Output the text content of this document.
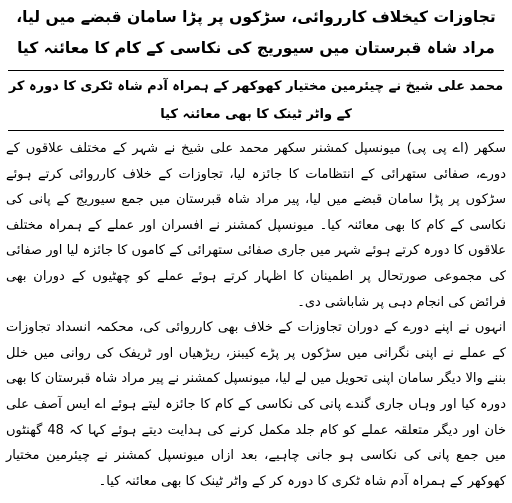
تجاوزات کیخلاف کارروائی، سڑکوں پر پڑا سامان قبضے میں لیا، مراد شاہ قبرستان میں سیوریج کی نکاسی کے کام کا معائنہ کیا
محمد علی شیخ نے چیئرمین مختیار کھوکھر کے ہمراہ آدم شاہ ٹکری کا دورہ کر کے واٹر ٹینک کا بھی معائنہ کیا

سکھر (اے پی پی) میونسپل کمشنر سکھر محمد علی شیخ نے شہر کے مختلف علاقوں کے دورے، صفائی ستھرائی کے انتظامات کا جائزہ لیا، تجاوزات کے خلاف کارروائی کرتے ہوئے سڑکوں پر پڑا سامان قبضے میں لیا، پیر مراد شاہ قبرستان میں جمع سیوریج کے پانی کی نکاسی کے کام کا بھی معائنہ کیا۔ میونسپل کمشنر نے افسران اور عملے کے ہمراہ مختلف علاقوں کا دورہ کرتے ہوئے شہر میں جاری صفائی ستھرائی کے کاموں کا جائزہ لیا اور صفائی کی مجموعی صورتحال پر اطمینان کا اظہار کرتے ہوئے عملے کو چھٹیوں کے دوران بھی فرائض کی انجام دہی پر شاباشی دی۔

انہوں نے اپنے دورے کے دوران تجاوزات کے خلاف بھی کارروائی کی، محکمہ انسداد تجاوزات کے عملے نے اپنی نگرانی میں سڑکوں پر پڑے کیبنز، ریڑھیاں اور ٹریفک کی روانی میں خلل بننے والا دیگر سامان اپنی تحویل میں لے لیا، میونسپل کمشنر نے پیر مراد شاہ قبرستان کا بھی دورہ کیا اور وہاں جاری گندے پانی کی نکاسی کے کام کا جائزہ لیتے ہوئے اے ایس آصف علی خان اور دیگر متعلقہ عملے کو کام جلد مکمل کرنے کی ہدایت دیتے ہوئے کہا کہ 48 گھنٹوں میں جمع پانی کی نکاسی ہو جانی چاہیے، بعد ازاں میونسپل کمشنر نے چیئرمین مختیار کھوکھر کے ہمراہ آدم شاہ ٹکری کا دورہ کر کے واٹر ٹینک کا بھی معائنہ کیا۔
